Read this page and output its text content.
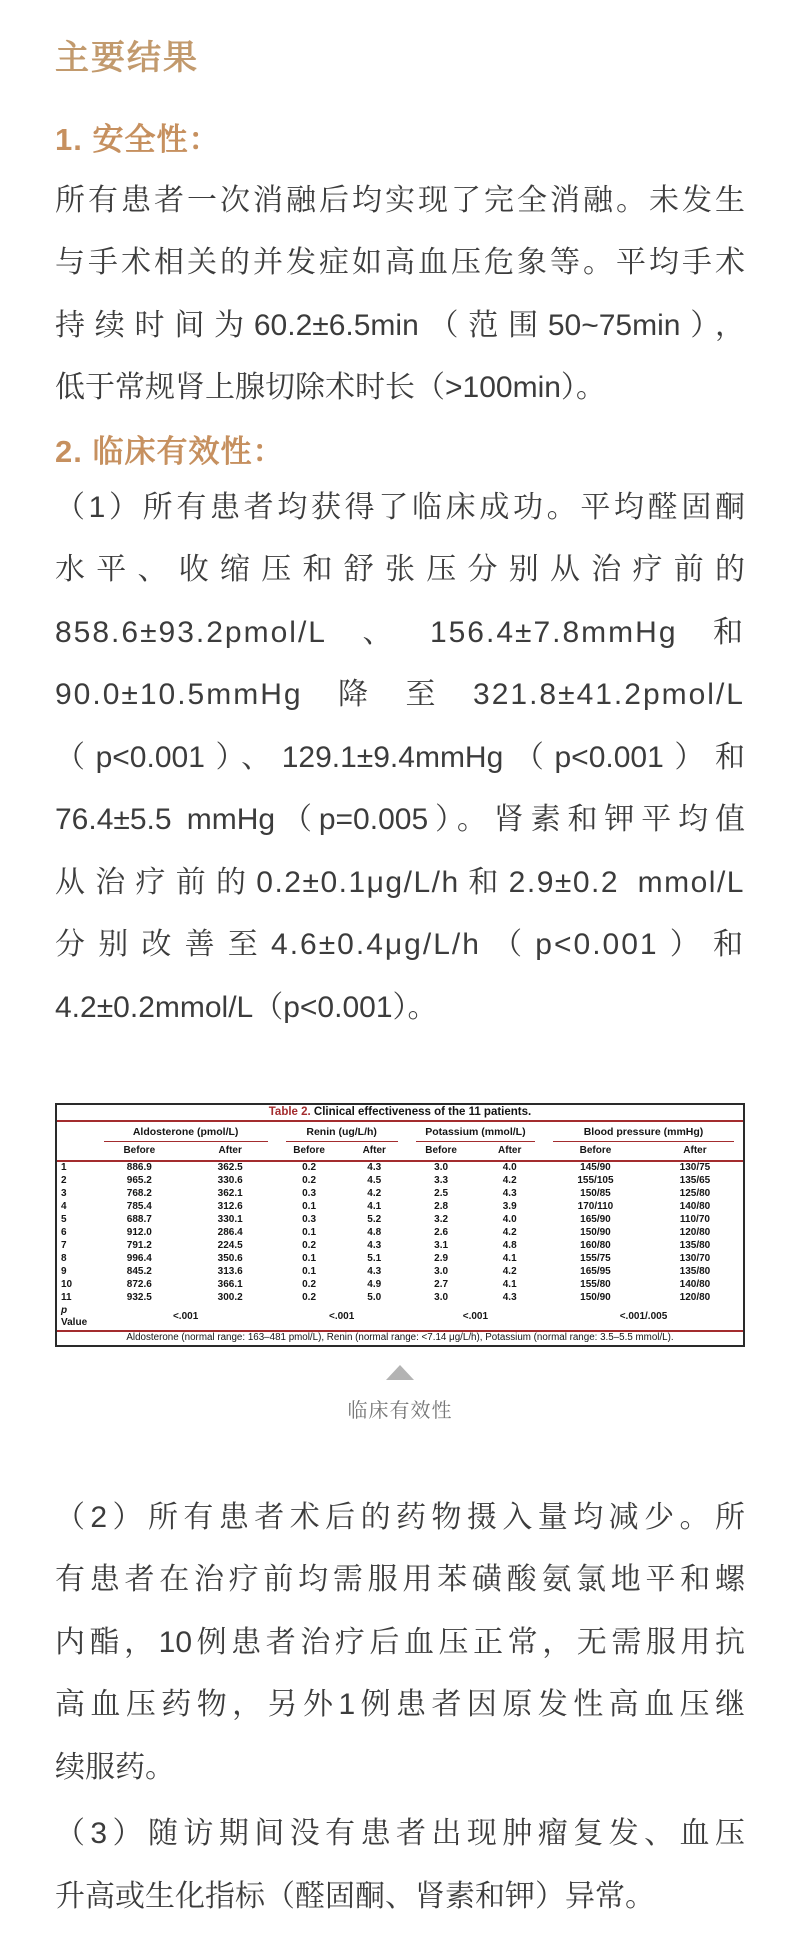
主要结果
1. 安全性：
所有患者一次消融后均实现了完全消融。未发生
与手术相关的并发症如高血压危象等。平均手术
持续时间为60.2±6.5min（范围50~75min），
低于常规肾上腺切除术时长（>100min）。
2. 临床有效性：
（1）所有患者均获得了临床成功。平均醛固酮
水平、收缩压和舒张压分别从治疗前的
858.6±93.2pmol/L、156.4±7.8mmHg和
90.0±10.5mmHg降至321.8±41.2pmol/L
（p<0.001）、129.1±9.4mmHg（p<0.001）和
76.4±5.5 mmHg（p=0.005）。肾素和钾平均值
从治疗前的0.2±0.1μg/L/h和2.9±0.2 mmol/L
分别改善至4.6±0.4μg/L/h（p<0.001）和
4.2±0.2mmol/L（p<0.001）。
Table 2. Clinical effectiveness of the 11 patients.								

	Aldosterone (pmol/L)		Renin (ug/L/h)		Potassium (mmol/L)		Blood pressure (mmHg)	

	Before	After	Before	After	Before	After	Before	After
1	886.9	362.5	0.2	4.3	3.0	4.0	145/90	130/75
2	965.2	330.6	0.2	4.5	3.3	4.2	155/105	135/65
3	768.2	362.1	0.3	4.2	2.5	4.3	150/85	125/80
4	785.4	312.6	0.1	4.1	2.8	3.9	170/110	140/80
5	688.7	330.1	0.3	5.2	3.2	4.0	165/90	110/70
6	912.0	286.4	0.1	4.8	2.6	4.2	150/90	120/80
7	791.2	224.5	0.2	4.3	3.1	4.8	160/80	135/80
8	996.4	350.6	0.1	5.1	2.9	4.1	155/75	130/70
9	845.2	313.6	0.1	4.3	3.0	4.2	165/95	135/80
10	872.6	366.1	0.2	4.9	2.7	4.1	155/80	140/80
11	932.5	300.2	0.2	5.0	3.0	4.3	150/90	120/80
p Value	<.001		<.001		<.001		<.001/.005	
Aldosterone (normal range: 163–481 pmol/L), Renin (normal range: <7.14 μg/L/h), Potassium (normal range: 3.5–5.5 mmol/L).								
临床有效性
（2）所有患者术后的药物摄入量均减少。所
有患者在治疗前均需服用苯磺酸氨氯地平和螺
内酯，10例患者治疗后血压正常，无需服用抗
高血压药物，另外1例患者因原发性高血压继
续服药。
（3）随访期间没有患者出现肿瘤复发、血压
升高或生化指标（醛固酮、肾素和钾）异常。
